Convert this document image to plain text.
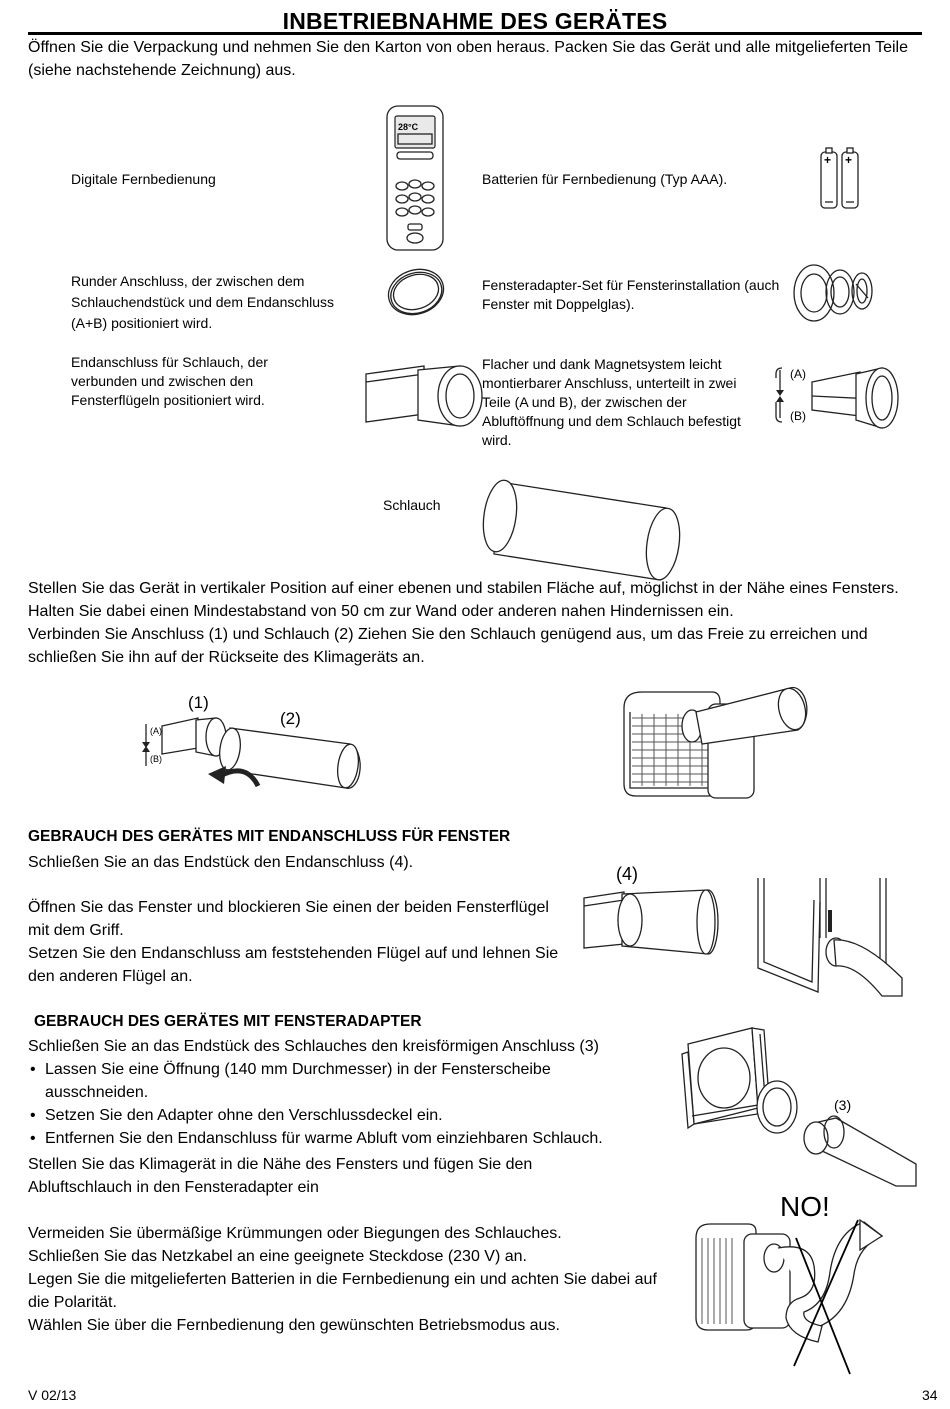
INBETRIEBNAHME DES GERÄTES
Öffnen Sie die Verpackung und nehmen Sie den Karton von oben heraus. Packen Sie das Gerät und alle mitgelieferten Teile (siehe nachstehende Zeichnung) aus.
Digitale Fernbedienung	Batterien für Fernbedienung (Typ AAA).
Runder Anschluss, der zwischen dem Schlauchendstück und dem Endanschluss (A+B) positioniert wird.
Fensteradapter-Set für Fensterinstallation (auch Fenster mit Doppelglas).
Endanschluss für Schlauch, der verbunden und zwischen den Fensterflügeln positioniert wird.
Flacher und dank Magnetsystem leicht montierbarer Anschluss, unterteilt in zwei Teile (A und B), der zwischen der Abluftöffnung und dem Schlauch befestigt wird.
Schlauch
28°C
+ +
(A)
(B)
Stellen Sie das Gerät in vertikaler Position auf einer ebenen und stabilen Fläche auf, möglichst in der Nähe eines Fensters.
Halten Sie dabei einen Mindestabstand von 50 cm zur Wand oder anderen nahen Hindernissen ein.
Verbinden Sie Anschluss (1) und Schlauch (2) Ziehen Sie den Schlauch genügend aus, um das Freie zu erreichen und schließen Sie ihn auf der Rückseite des Klimageräts an.
(1)
(2)
(A)
(B)
GEBRAUCH DES GERÄTES MIT ENDANSCHLUSS FÜR FENSTER
Schließen Sie an das Endstück den Endanschluss (4).
Öffnen Sie das Fenster und blockieren Sie einen der beiden Fensterflügel mit dem Griff.
Setzen Sie den Endanschluss am feststehenden Flügel auf und lehnen Sie den anderen Flügel an.
(4)
GEBRAUCH DES GERÄTES MIT FENSTERADAPTER
Schließen Sie an das Endstück des Schlauches den kreisförmigen Anschluss (3)
• Lassen Sie eine Öffnung (140 mm Durchmesser) in der Fensterscheibe ausschneiden.
• Setzen Sie den Adapter ohne den Verschlussdeckel ein.
• Entfernen Sie den Endanschluss für warme Abluft vom einziehbaren Schlauch.
Stellen Sie das Klimagerät in die Nähe des Fensters und fügen Sie den Abluftschlauch in den Fensteradapter ein
(3)
NO!
Vermeiden Sie übermäßige Krümmungen oder Biegungen des Schlauches.
Schließen Sie das Netzkabel an eine geeignete Steckdose (230 V) an.
Legen Sie die mitgelieferten Batterien in die Fernbedienung ein und achten Sie dabei auf die Polarität.
Wählen Sie über die Fernbedienung den gewünschten Betriebsmodus aus.
V 02/13	34
